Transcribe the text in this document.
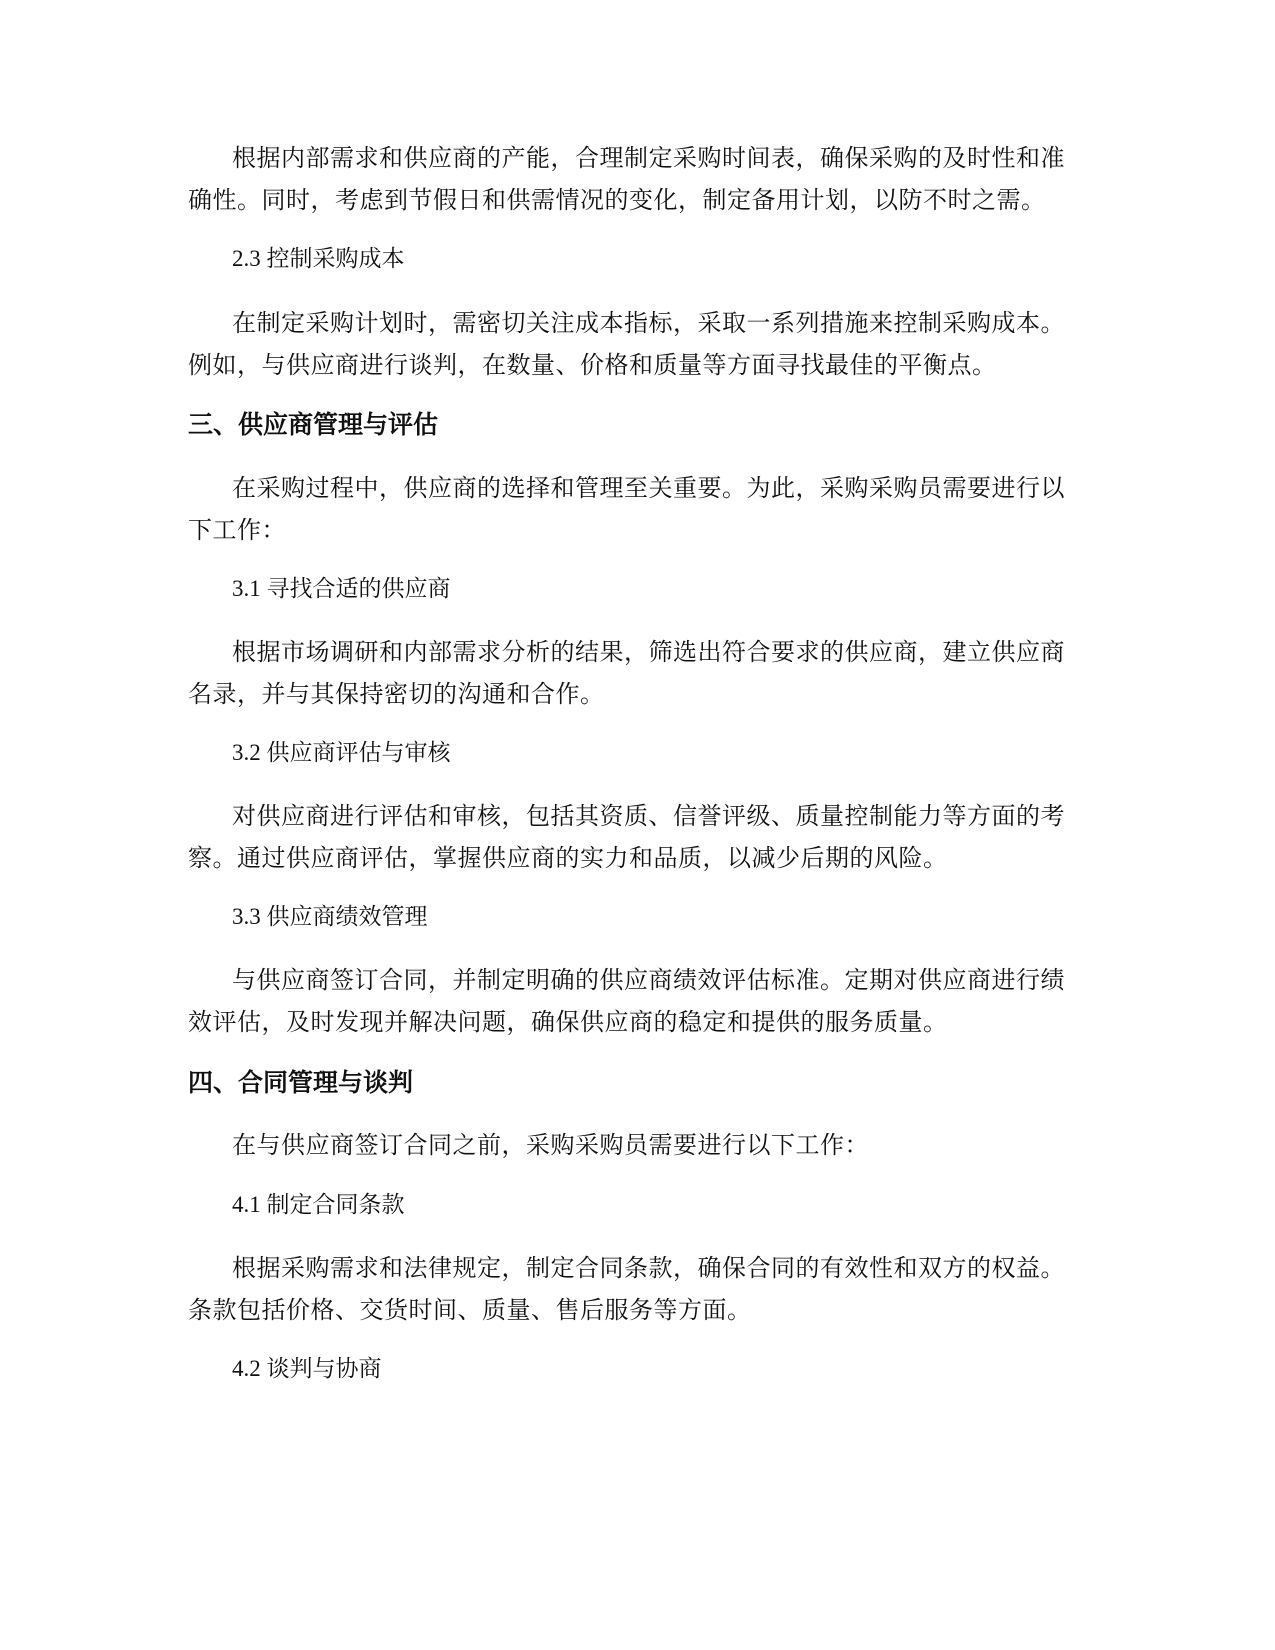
根据内部需求和供应商的产能，合理制定采购时间表，确保采购的及时性和准确性。同时，考虑到节假日和供需情况的变化，制定备用计划，以防不时之需。

2.3 控制采购成本

在制定采购计划时，需密切关注成本指标，采取一系列措施来控制采购成本。例如，与供应商进行谈判，在数量、价格和质量等方面寻找最佳的平衡点。

三、供应商管理与评估

在采购过程中，供应商的选择和管理至关重要。为此，采购采购员需要进行以下工作：

3.1 寻找合适的供应商

根据市场调研和内部需求分析的结果，筛选出符合要求的供应商，建立供应商名录，并与其保持密切的沟通和合作。

3.2 供应商评估与审核

对供应商进行评估和审核，包括其资质、信誉评级、质量控制能力等方面的考察。通过供应商评估，掌握供应商的实力和品质，以减少后期的风险。

3.3 供应商绩效管理

与供应商签订合同，并制定明确的供应商绩效评估标准。定期对供应商进行绩效评估，及时发现并解决问题，确保供应商的稳定和提供的服务质量。

四、合同管理与谈判

在与供应商签订合同之前，采购采购员需要进行以下工作：

4.1 制定合同条款

根据采购需求和法律规定，制定合同条款，确保合同的有效性和双方的权益。条款包括价格、交货时间、质量、售后服务等方面。

4.2 谈判与协商
